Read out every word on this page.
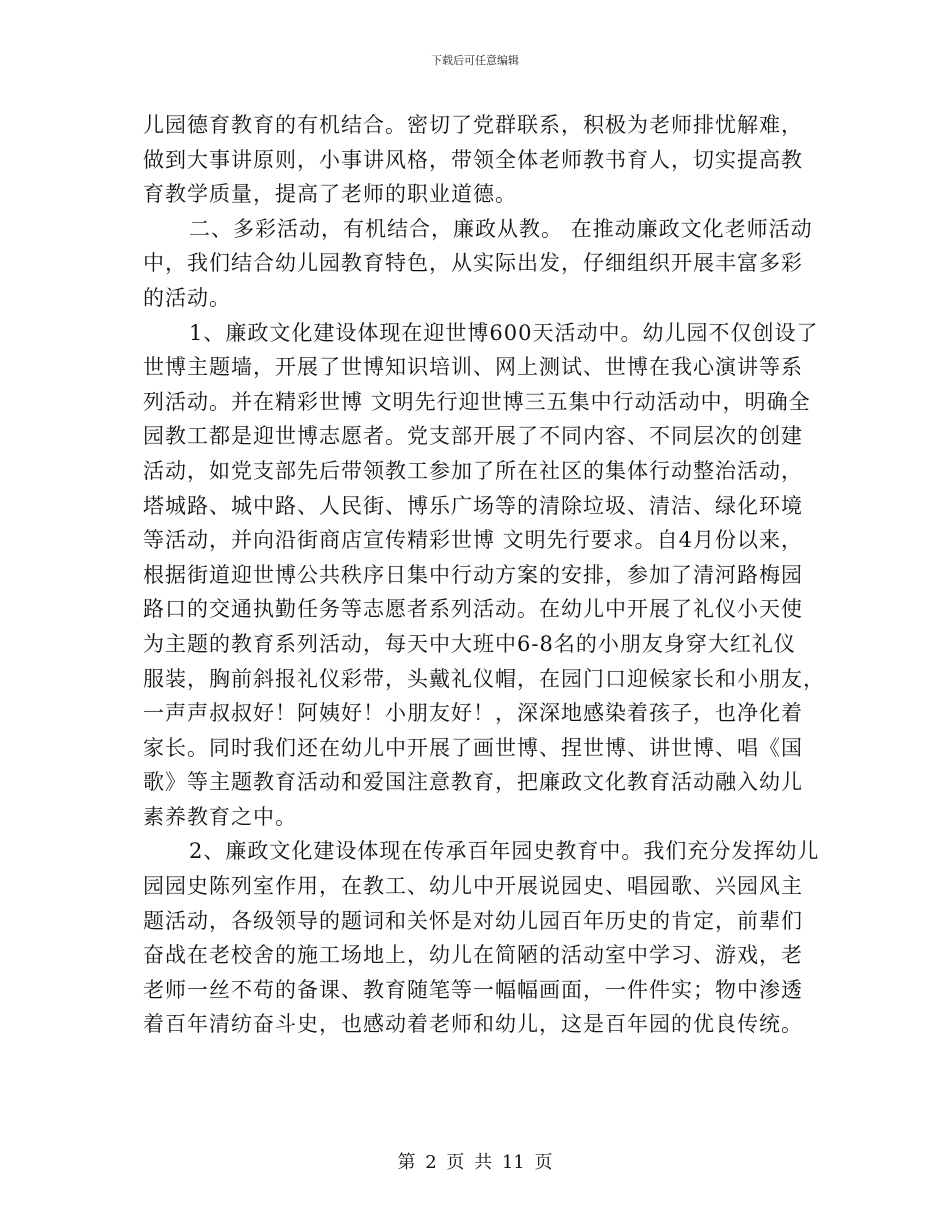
下载后可任意编辑
儿园德育教育的有机结合。密切了党群联系，积极为老师排忧解难，
做到大事讲原则，小事讲风格，带领全体老师教书育人，切实提高教
育教学质量，提高了老师的职业道德。
二、多彩活动，有机结合，廉政从教。 在推动廉政文化老师活动
中，我们结合幼儿园教育特色，从实际出发，仔细组织开展丰富多彩
的活动。
1、廉政文化建设体现在迎世博600天活动中。幼儿园不仅创设了
世博主题墙，开展了世博知识培训、网上测试、世博在我心演讲等系
列活动。并在精彩世博 文明先行迎世博三五集中行动活动中，明确全
园教工都是迎世博志愿者。党支部开展了不同内容、不同层次的创建
活动，如党支部先后带领教工参加了所在社区的集体行动整治活动，
塔城路、城中路、人民街、博乐广场等的清除垃圾、清洁、绿化环境
等活动，并向沿街商店宣传精彩世博 文明先行要求。自4月份以来，
根据街道迎世博公共秩序日集中行动方案的安排，参加了清河路梅园
路口的交通执勤任务等志愿者系列活动。在幼儿中开展了礼仪小天使
为主题的教育系列活动，每天中大班中6-8名的小朋友身穿大红礼仪
服装，胸前斜报礼仪彩带，头戴礼仪帽，在园门口迎候家长和小朋友，
一声声叔叔好！阿姨好！小朋友好！，深深地感染着孩子，也净化着
家长。同时我们还在幼儿中开展了画世博、捏世博、讲世博、唱《国
歌》等主题教育活动和爱国注意教育，把廉政文化教育活动融入幼儿
素养教育之中。
2、廉政文化建设体现在传承百年园史教育中。我们充分发挥幼儿
园园史陈列室作用，在教工、幼儿中开展说园史、唱园歌、兴园风主
题活动，各级领导的题词和关怀是对幼儿园百年历史的肯定，前辈们
奋战在老校舍的施工场地上，幼儿在简陋的活动室中学习、游戏，老
老师一丝不苟的备课、教育随笔等一幅幅画面，一件件实；物中渗透
着百年清纺奋斗史，也感动着老师和幼儿，这是百年园的优良传统。
第 2 页 共 11 页
